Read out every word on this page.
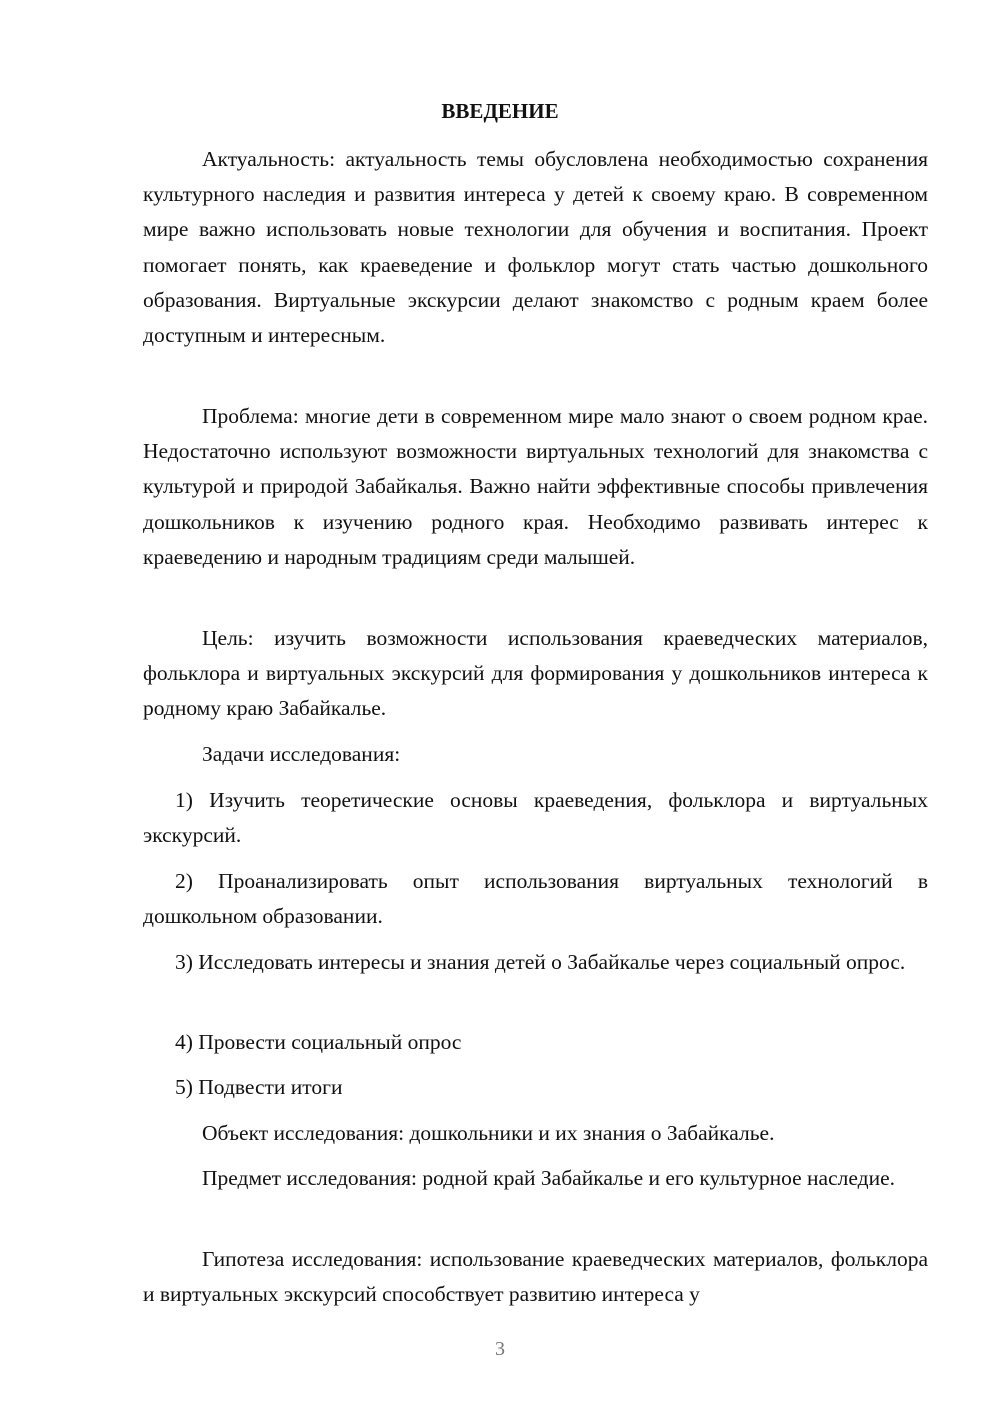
ВВЕДЕНИЕ

Актуальность: актуальность темы обусловлена необходимостью сохранения культурного наследия и развития интереса у детей к своему краю. В современном мире важно использовать новые технологии для обучения и воспитания. Проект помогает понять, как краеведение и фольклор могут стать частью дошкольного образования. Виртуальные экскурсии делают знакомство с родным краем более доступным и интересным.

Проблема: многие дети в современном мире мало знают о своем родном крае. Недостаточно используют возможности виртуальных технологий для знакомства с культурой и природой Забайкалья. Важно найти эффективные способы привлечения дошкольников к изучению родного края. Необходимо развивать интерес к краеведению и народным традициям среди малышей.

Цель: изучить возможности использования краеведческих материалов, фольклора и виртуальных экскурсий для формирования у дошкольников интереса к родному краю Забайкалье.

Задачи исследования:

1) Изучить теоретические основы краеведения, фольклора и виртуальных экскурсий.

2) Проанализировать опыт использования виртуальных технологий в дошкольном образовании.

3) Исследовать интересы и знания детей о Забайкалье через социальный опрос.

4) Провести социальный опрос

5) Подвести итоги

Объект исследования: дошкольники и их знания о Забайкалье.

Предмет исследования: родной край Забайкалье и его культурное наследие.

Гипотеза исследования: использование краеведческих материалов, фольклора и виртуальных экскурсий способствует развитию интереса у

3
